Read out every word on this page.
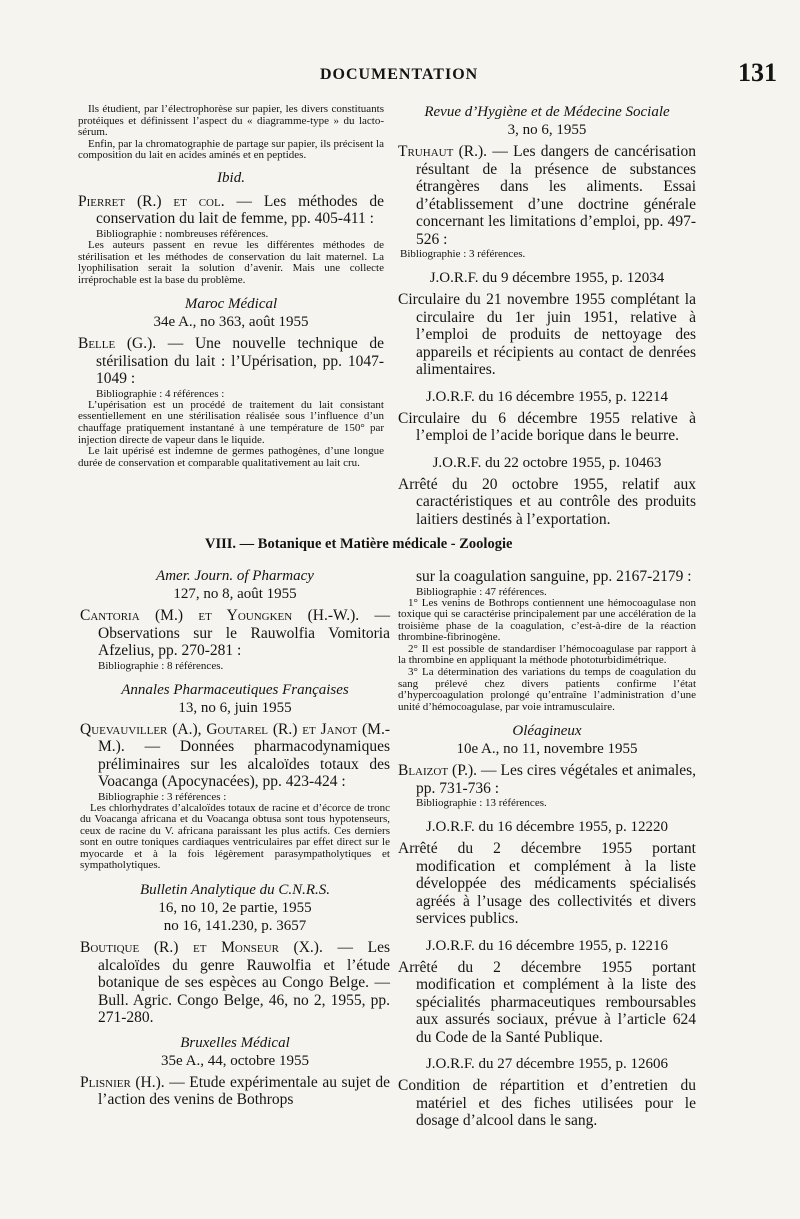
DOCUMENTATION	131

Ils étudient, par l’électrophorèse sur papier, les divers constituants protéiques et définissent l’aspect du « diagramme-type » du lacto-sérum.

Enfin, par la chromatographie de partage sur papier, ils précisent la composition du lait en acides aminés et en peptides.

Ibid.

Pierret (R.) et col. — Les méthodes de conservation du lait de femme, pp. 405-411 :

Bibliographie : nombreuses références.

Les auteurs passent en revue les différentes méthodes de stérilisation et les méthodes de conservation du lait maternel. La lyophilisation serait la solution d’avenir. Mais une collecte irréprochable est la base du problème.

Maroc Médical

34e A., no 363, août 1955

Belle (G.). — Une nouvelle technique de stérilisation du lait : l’Upérisation, pp. 1047-1049 :

Bibliographie : 4 références :

L’upérisation est un procédé de traitement du lait consistant essentiellement en une stérilisation réalisée sous l’influence d’un chauffage pratiquement instantané à une température de 150° par injection directe de vapeur dans le liquide.

Le lait upérisé est indemne de germes pathogènes, d’une longue durée de conservation et comparable qualitativement au lait cru.

Revue d’Hygiène et de Médecine Sociale

3, no 6, 1955

Truhaut (R.). — Les dangers de cancérisation résultant de la présence de substances étrangères dans les aliments. Essai d’établissement d’une doctrine générale concernant les limitations d’emploi, pp. 497-526 :

Bibliographie : 3 références.

J.O.R.F. du 9 décembre 1955, p. 12034

Circulaire du 21 novembre 1955 complétant la circulaire du 1er juin 1951, relative à l’emploi de produits de nettoyage des appareils et récipients au contact de denrées alimentaires.

J.O.R.F. du 16 décembre 1955, p. 12214

Circulaire du 6 décembre 1955 relative à l’emploi de l’acide borique dans le beurre.

J.O.R.F. du 22 octobre 1955, p. 10463

Arrêté du 20 octobre 1955, relatif aux caractéristiques et au contrôle des produits laitiers destinés à l’exportation.

VIII. — Botanique et Matière médicale - Zoologie

Amer. Journ. of Pharmacy

127, no 8, août 1955

Cantoria (M.) et Youngken (H.-W.). — Observations sur le Rauwolfia Vomitoria Afzelius, pp. 270-281 :

Bibliographie : 8 références.

Annales Pharmaceutiques Françaises

13, no 6, juin 1955

Quevauviller (A.), Goutarel (R.) et Janot (M.-M.). — Données pharmacodynamiques préliminaires sur les alcaloïdes totaux des Voacanga (Apocynacées), pp. 423-424 :

Bibliographie : 3 références :

Les chlorhydrates d’alcaloïdes totaux de racine et d’écorce de tronc du Voacanga africana et du Voacanga obtusa sont tous hypotenseurs, ceux de racine du V. africana paraissant les plus actifs. Ces derniers sont en outre toniques cardiaques ventriculaires par effet direct sur le myocarde et à la fois légèrement parasympatholytiques et sympatholytiques.

Bulletin Analytique du C.N.R.S.

16, no 10, 2e partie, 1955

no 16, 141.230, p. 3657

Boutique (R.) et Monseur (X.). — Les alcaloïdes du genre Rauwolfia et l’étude botanique de ses espèces au Congo Belge. — Bull. Agric. Congo Belge, 46, no 2, 1955, pp. 271-280.

Bruxelles Médical

35e A., 44, octobre 1955

Plisnier (H.). — Etude expérimentale au sujet de l’action des venins de Bothrops

sur la coagulation sanguine, pp. 2167-2179 :

Bibliographie : 47 références.

1° Les venins de Bothrops contiennent une hémocoagulase non toxique qui se caractérise principalement par une accélération de la troisième phase de la coagulation, c’est-à-dire de la réaction thrombine-fibrinogène.

2° Il est possible de standardiser l’hémocoagulase par rapport à la thrombine en appliquant la méthode phototurbidimétrique.

3° La détermination des variations du temps de coagulation du sang prélevé chez divers patients confirme l’état d’hypercoagulation prolongé qu’entraîne l’administration d’une unité d’hémocoagulase, par voie intramusculaire.

Oléagineux

10e A., no 11, novembre 1955

Blaizot (P.). — Les cires végétales et animales, pp. 731-736 :

Bibliographie : 13 références.

J.O.R.F. du 16 décembre 1955, p. 12220

Arrêté du 2 décembre 1955 portant modification et complément à la liste développée des médicaments spécialisés agréés à l’usage des collectivités et divers services publics.

J.O.R.F. du 16 décembre 1955, p. 12216

Arrêté du 2 décembre 1955 portant modification et complément à la liste des spécialités pharmaceutiques remboursables aux assurés sociaux, prévue à l’article 624 du Code de la Santé Publique.

J.O.R.F. du 27 décembre 1955, p. 12606

Condition de répartition et d’entretien du matériel et des fiches utilisées pour le dosage d’alcool dans le sang.
